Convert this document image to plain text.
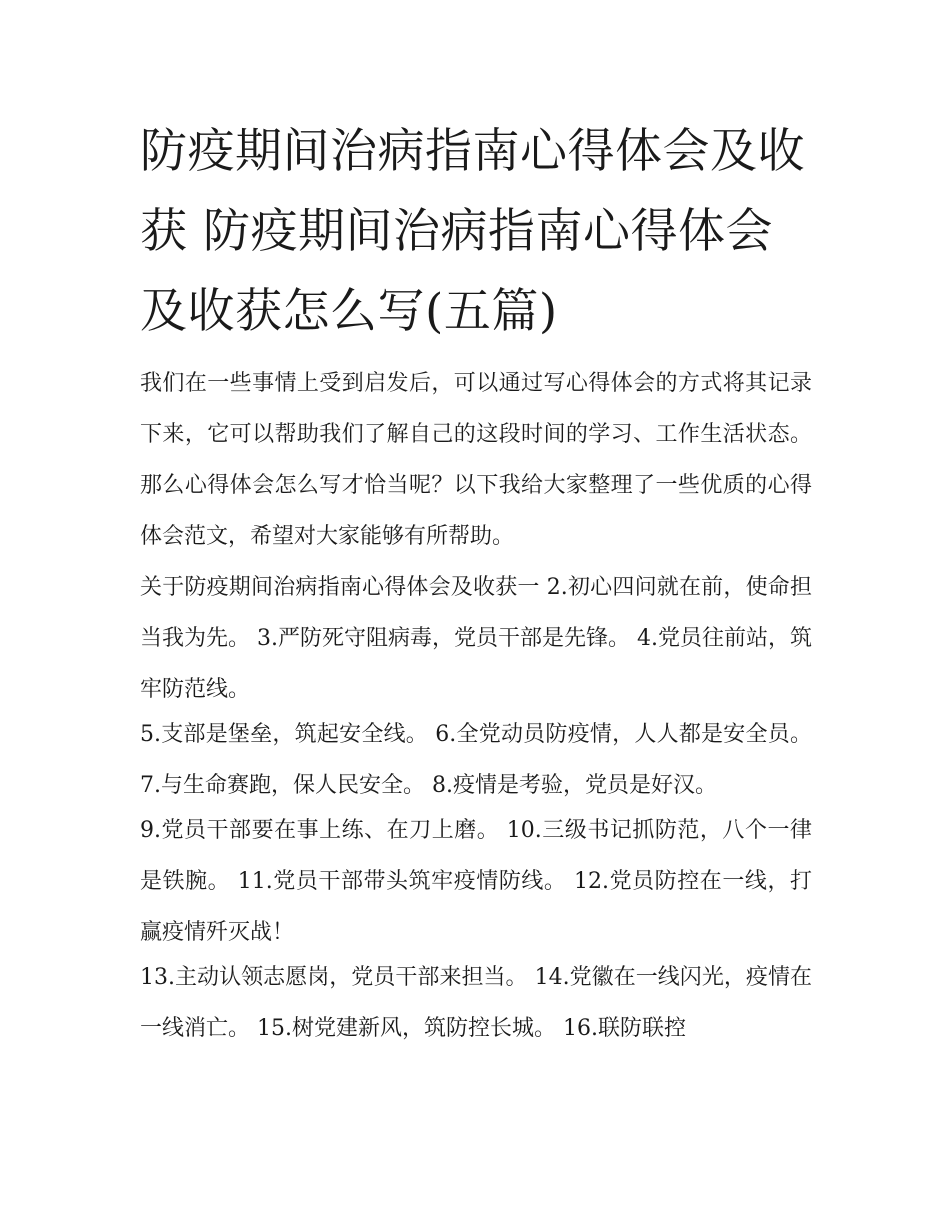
防疫期间治病指南心得体会及收获 防疫期间治病指南心得体会及收获怎么写(五篇)

我们在一些事情上受到启发后，可以通过写心得体会的方式将其记录下来，它可以帮助我们了解自己的这段时间的学习、工作生活状态。那么心得体会怎么写才恰当呢？以下我给大家整理了一些优质的心得体会范文，希望对大家能够有所帮助。

关于防疫期间治病指南心得体会及收获一 2.初心四问就在前，使命担当我为先。 3.严防死守阻病毒，党员干部是先锋。 4.党员往前站，筑牢防范线。

5.支部是堡垒，筑起安全线。 6.全党动员防疫情，人人都是安全员。 7.与生命赛跑，保人民安全。 8.疫情是考验，党员是好汉。

9.党员干部要在事上练、在刀上磨。 10.三级书记抓防范，八个一律是铁腕。 11.党员干部带头筑牢疫情防线。 12.党员防控在一线，打赢疫情歼灭战！

13.主动认领志愿岗，党员干部来担当。 14.党徽在一线闪光，疫情在一线消亡。 15.树党建新风，筑防控长城。 16.联防联控
